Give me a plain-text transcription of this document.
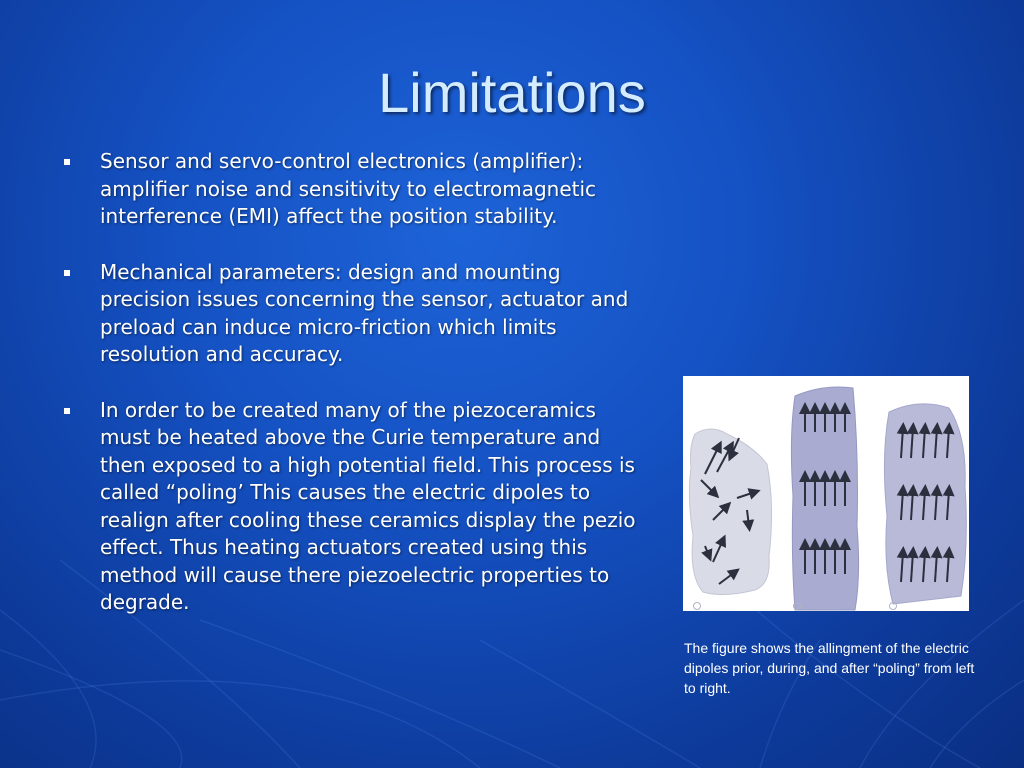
Limitations
Sensor and servo-control electronics (amplifier): amplifier noise and sensitivity to electromagnetic interference (EMI) affect the position stability.
Mechanical parameters: design and mounting precision issues concerning the sensor, actuator and preload can induce micro-friction which limits resolution and accuracy.
In order to be created many of the piezoceramics must be heated above the Curie temperature and then exposed to a high potential field. This process is called “poling’ This causes the electric dipoles to realign after cooling these ceramics display the pezio effect. Thus heating actuators created using this method will cause there piezoelectric properties to degrade.
The figure shows the allingment of the electric dipoles prior, during, and after “poling” from left to right.
